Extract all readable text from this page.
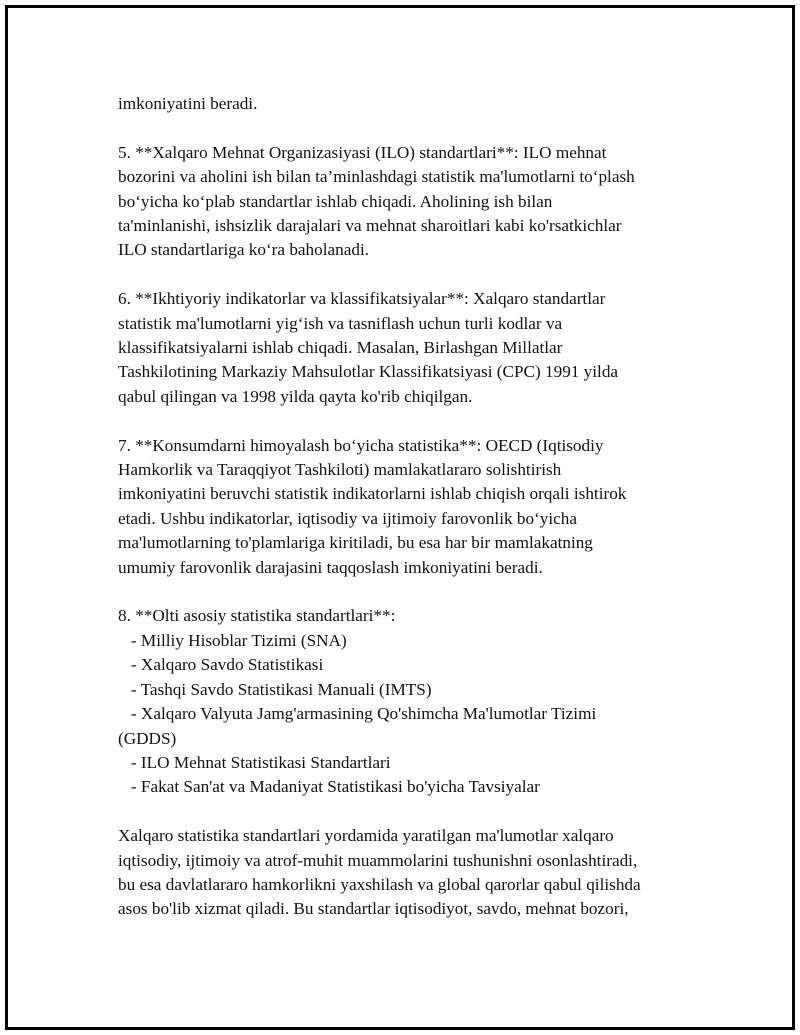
imkoniyatini beradi.
5. **Xalqaro Mehnat Organizasiyasi (ILO) standartlari**: ILO mehnat
bozorini va aholini ish bilan ta’minlashdagi statistik ma'lumotlarni to‘plash
bo‘yicha ko‘plab standartlar ishlab chiqadi. Aholining ish bilan
ta'minlanishi, ishsizlik darajalari va mehnat sharoitlari kabi ko'rsatkichlar
ILO standartlariga ko‘ra baholanadi.
6. **Ikhtiyoriy indikatorlar va klassifikatsiyalar**: Xalqaro standartlar
statistik ma'lumotlarni yig‘ish va tasniflash uchun turli kodlar va
klassifikatsiyalarni ishlab chiqadi. Masalan, Birlashgan Millatlar
Tashkilotining Markaziy Mahsulotlar Klassifikatsiyasi (CPC) 1991 yilda
qabul qilingan va 1998 yilda qayta ko'rib chiqilgan.
7. **Konsumdarni himoyalash bo‘yicha statistika**: OECD (Iqtisodiy
Hamkorlik va Taraqqiyot Tashkiloti) mamlakatlararo solishtirish
imkoniyatini beruvchi statistik indikatorlarni ishlab chiqish orqali ishtirok
etadi. Ushbu indikatorlar, iqtisodiy va ijtimoiy farovonlik bo‘yicha
ma'lumotlarning to'plamlariga kiritiladi, bu esa har bir mamlakatning
umumiy farovonlik darajasini taqqoslash imkoniyatini beradi.
8. **Olti asosiy statistika standartlari**:
- Milliy Hisoblar Tizimi (SNA)
- Xalqaro Savdo Statistikasi
- Tashqi Savdo Statistikasi Manuali (IMTS)
- Xalqaro Valyuta Jamg'armasining Qo'shimcha Ma'lumotlar Tizimi
(GDDS)
- ILO Mehnat Statistikasi Standartlari
- Fakat San'at va Madaniyat Statistikasi bo'yicha Tavsiyalar
Xalqaro statistika standartlari yordamida yaratilgan ma'lumotlar xalqaro
iqtisodiy, ijtimoiy va atrof-muhit muammolarini tushunishni osonlashtiradi,
bu esa davlatlararo hamkorlikni yaxshilash va global qarorlar qabul qilishda
asos bo'lib xizmat qiladi. Bu standartlar iqtisodiyot, savdo, mehnat bozori,
